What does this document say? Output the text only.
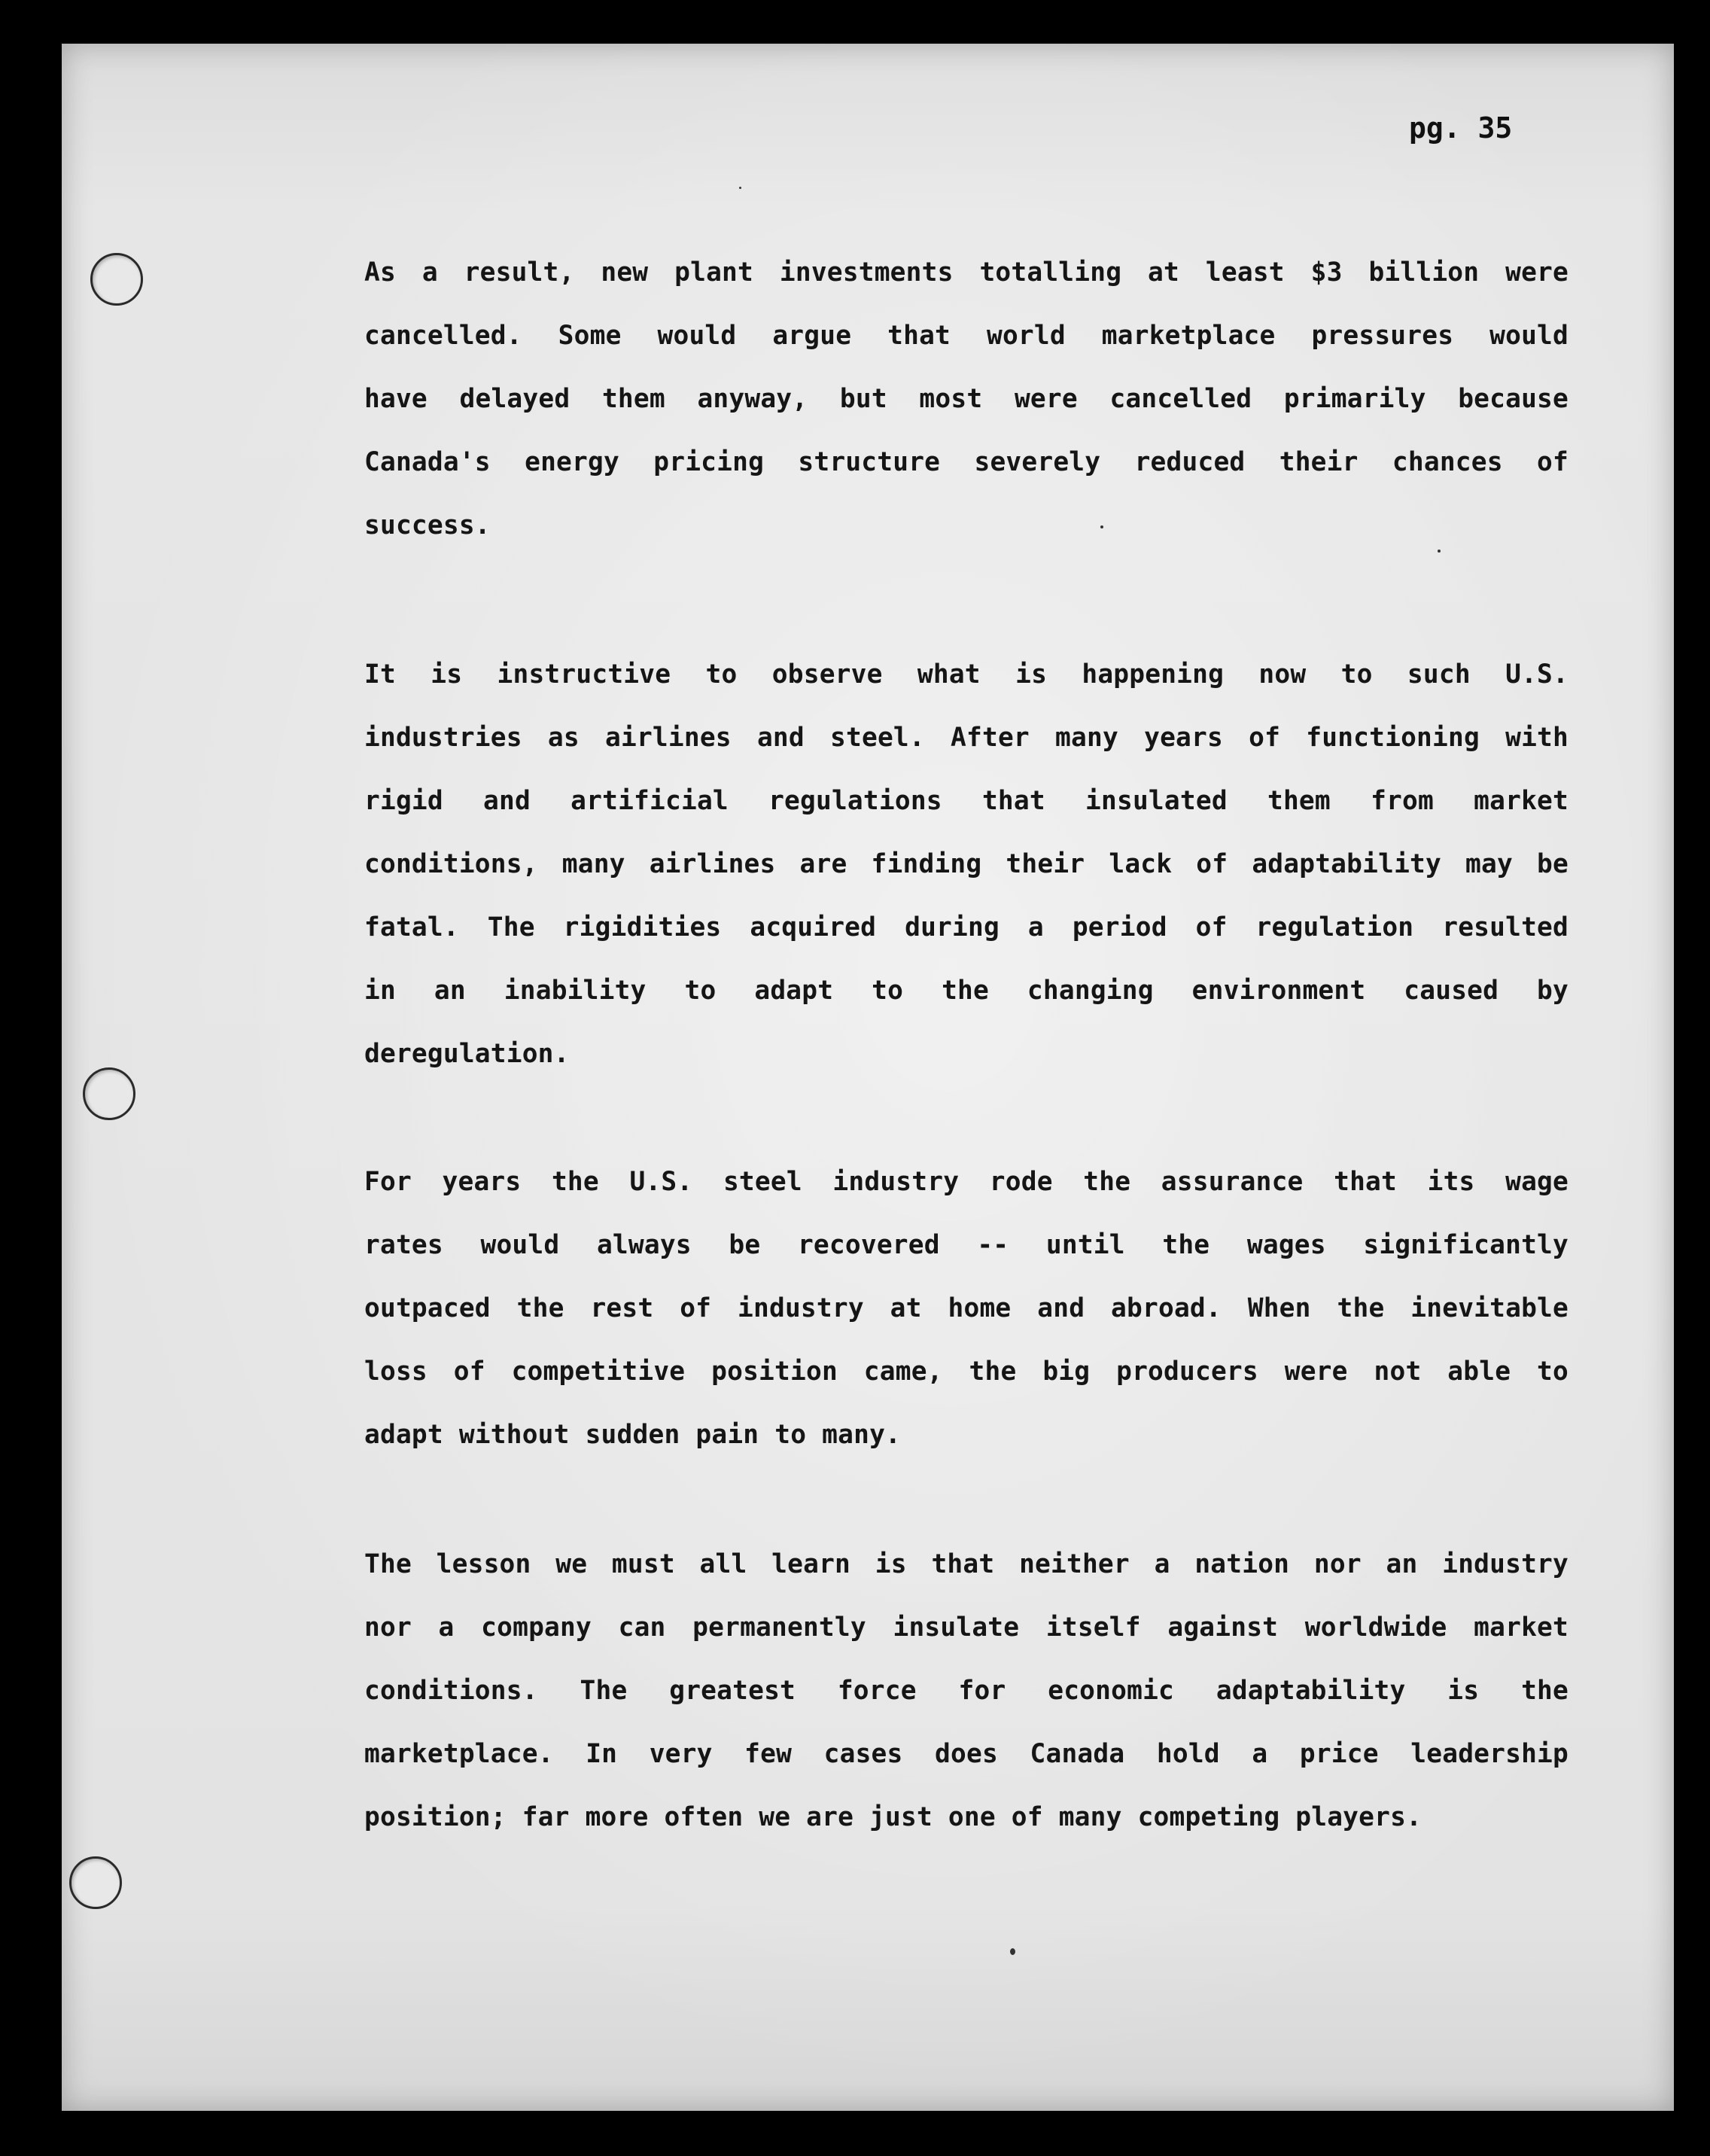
pg. 35
As a result, new plant investments totalling at least $3 billion were
cancelled. Some would argue that world marketplace pressures would
have delayed them anyway, but most were cancelled primarily because
Canada's energy pricing structure severely reduced their chances of
success.
It is instructive to observe what is happening now to such U.S.
industries as airlines and steel. After many years of functioning with
rigid and artificial regulations that insulated them from market
conditions, many airlines are finding their lack of adaptability may be
fatal. The rigidities acquired during a period of regulation resulted
in an inability to adapt to the changing environment caused by
deregulation.
For years the U.S. steel industry rode the assurance that its wage
rates would always be recovered -- until the wages significantly
outpaced the rest of industry at home and abroad. When the inevitable
loss of competitive position came, the big producers were not able to
adapt without sudden pain to many.
The lesson we must all learn is that neither a nation nor an industry
nor a company can permanently insulate itself against worldwide market
conditions. The greatest force for economic adaptability is the
marketplace. In very few cases does Canada hold a price leadership
position; far more often we are just one of many competing players.
